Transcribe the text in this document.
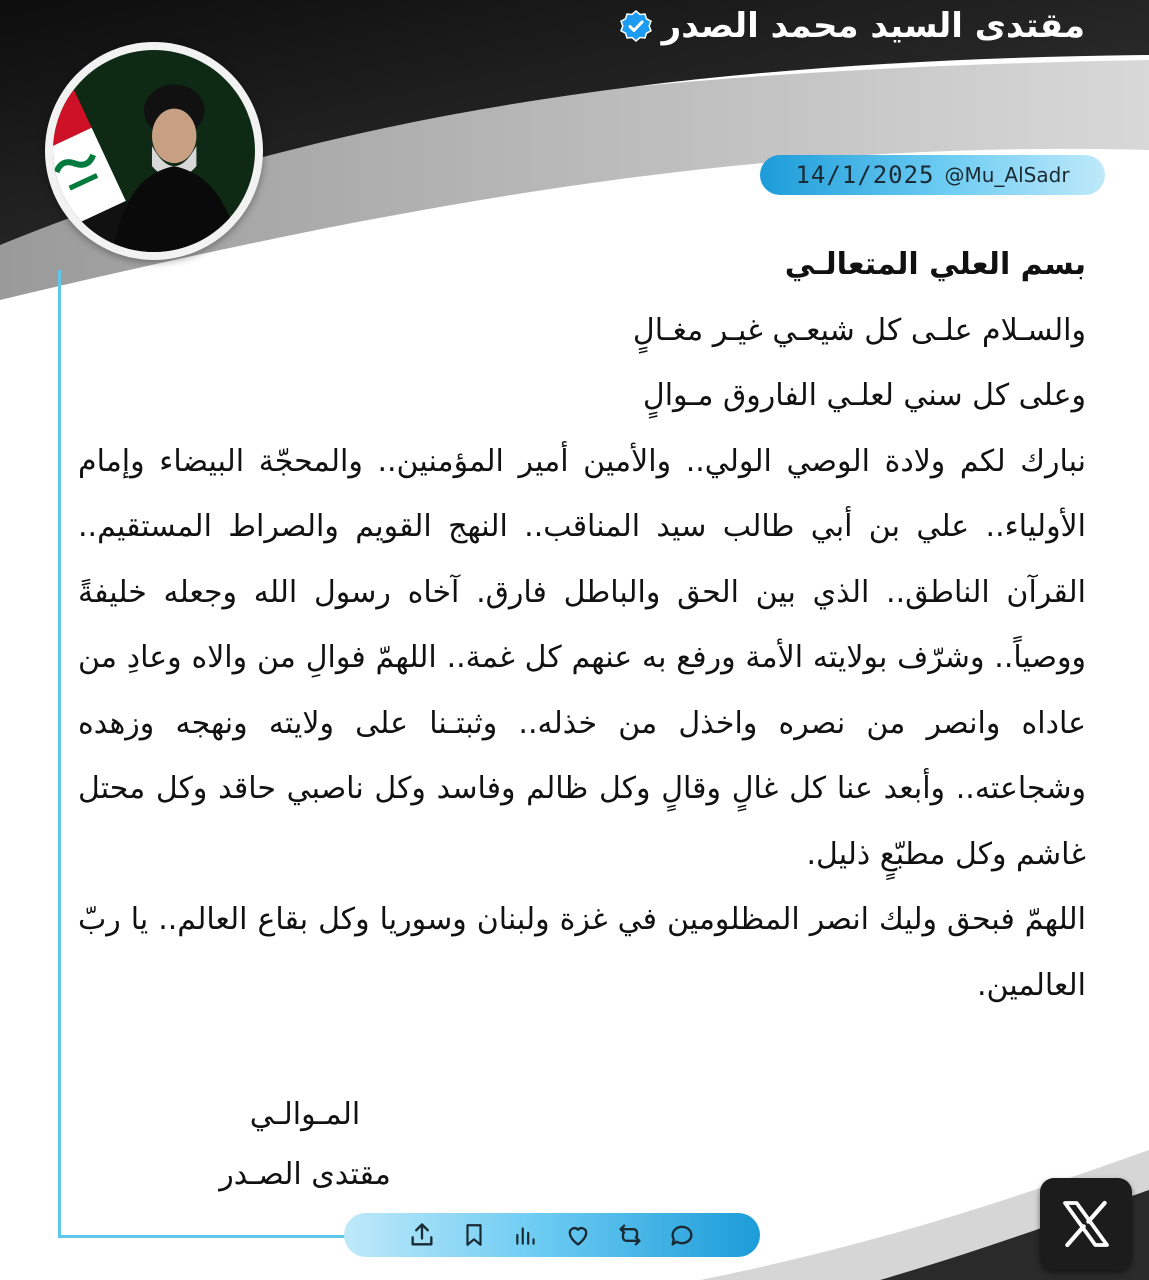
مقتدى السيد محمد الصدر
14/1/2025 @Mu_AlSadr

بسم العلي المتعالـي

والسـلام علـى كل شيعـي غيـر مغـالٍ

وعلى كل سني لعلـي الفاروق مـوالٍ

نبارك لكم ولادة الوصي الولي.. والأمين أمير المؤمنين.. والمحجّة البيضاء وإمام الأولياء.. علي بن أبي طالب سيد المناقب.. النهج القويم والصراط المستقيم.. القرآن الناطق.. الذي بين الحق والباطل فارق. آخاه رسول الله وجعله خليفةً ووصياً.. وشرّف بولايته الأمة ورفع به عنهم كل غمة.. اللهمّ فوالِ من والاه وعادِ من عاداه وانصر من نصره واخذل من خذله.. وثبتـنا على ولايته ونهجه وزهده وشجاعته.. وأبعد عنا كل غالٍ وقالٍ وكل ظالم وفاسد وكل ناصبي حاقد وكل محتل غاشم وكل مطبّعٍ ذليل.

اللهمّ فبحق وليك انصر المظلومين في غزة ولبنان وسوريا وكل بقاع العالم.. يا ربّ العالمين.

المـوالـي

مقتدى الصـدر
